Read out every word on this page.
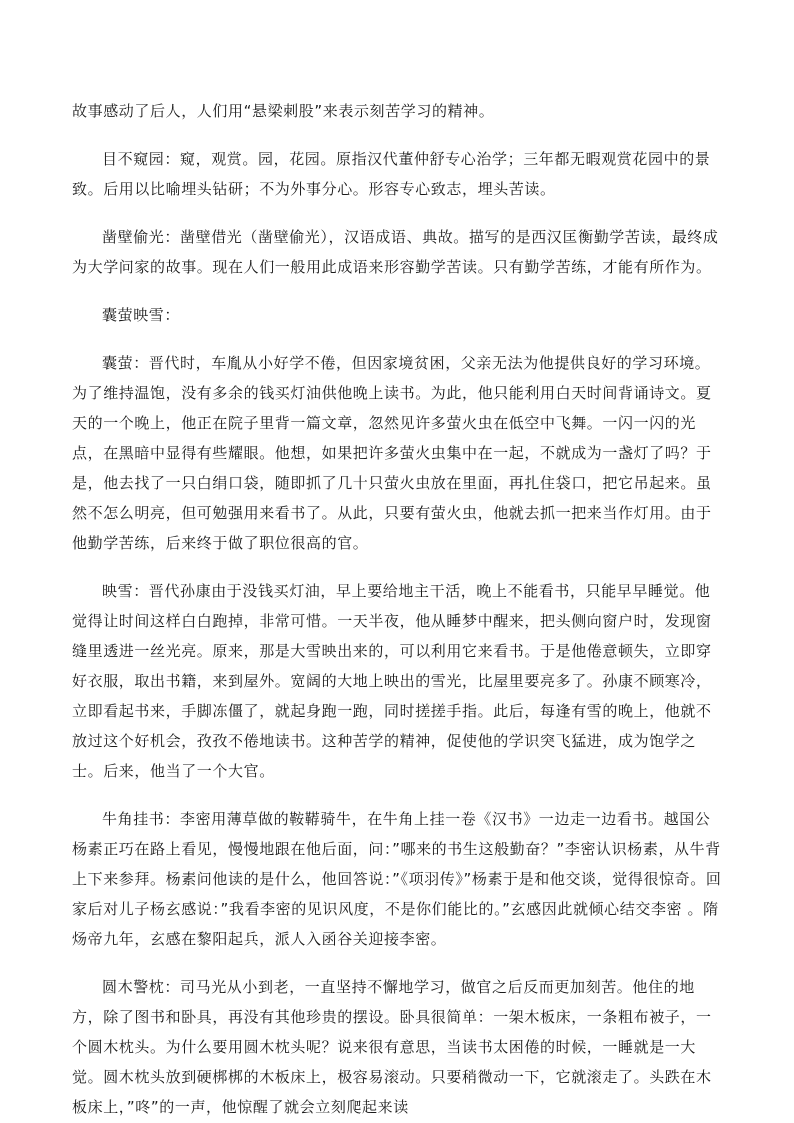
故事感动了后人，人们用“悬梁刺股”来表示刻苦学习的精神。

目不窥园：窥，观赏。园，花园。原指汉代董仲舒专心治学；三年都无暇观赏花园中的景致。后用以比喻埋头钻研；不为外事分心。形容专心致志，埋头苦读。

凿壁偷光：凿壁借光（凿壁偷光），汉语成语、典故。描写的是西汉匡衡勤学苦读，最终成为大学问家的故事。现在人们一般用此成语来形容勤学苦读。只有勤学苦练，才能有所作为。

囊萤映雪：

囊萤：晋代时，车胤从小好学不倦，但因家境贫困，父亲无法为他提供良好的学习环境。为了维持温饱，没有多余的钱买灯油供他晚上读书。为此，他只能利用白天时间背诵诗文。夏天的一个晚上，他正在院子里背一篇文章，忽然见许多萤火虫在低空中飞舞。一闪一闪的光点，在黑暗中显得有些耀眼。他想，如果把许多萤火虫集中在一起，不就成为一盏灯了吗？于是，他去找了一只白绢口袋，随即抓了几十只萤火虫放在里面，再扎住袋口，把它吊起来。虽然不怎么明亮，但可勉强用来看书了。从此，只要有萤火虫，他就去抓一把来当作灯用。由于他勤学苦练，后来终于做了职位很高的官。

映雪：晋代孙康由于没钱买灯油，早上要给地主干活，晚上不能看书，只能早早睡觉。他觉得让时间这样白白跑掉，非常可惜。一天半夜，他从睡梦中醒来，把头侧向窗户时，发现窗缝里透进一丝光亮。原来，那是大雪映出来的，可以利用它来看书。于是他倦意顿失，立即穿好衣服，取出书籍，来到屋外。宽阔的大地上映出的雪光，比屋里要亮多了。孙康不顾寒冷，立即看起书来，手脚冻僵了，就起身跑一跑，同时搓搓手指。此后，每逢有雪的晚上，他就不放过这个好机会，孜孜不倦地读书。这种苦学的精神，促使他的学识突飞猛进，成为饱学之士。后来，他当了一个大官。

牛角挂书：李密用薄草做的鞍鞯骑牛，在牛角上挂一卷《汉书》一边走一边看书。越国公杨素正巧在路上看见，慢慢地跟在他后面，问：”哪来的书生这般勤奋？”李密认识杨素，从牛背上下来参拜。杨素问他读的是什么，他回答说：”《项羽传》”杨素于是和他交谈，觉得很惊奇。回家后对儿子杨玄感说：”我看李密的见识风度，不是你们能比的。”玄感因此就倾心结交李密 。隋炀帝九年，玄感在黎阳起兵，派人入函谷关迎接李密。

圆木警枕：司马光从小到老，一直坚持不懈地学习，做官之后反而更加刻苦。他住的地方，除了图书和卧具，再没有其他珍贵的摆设。卧具很简单：一架木板床，一条粗布被子，一个圆木枕头。为什么要用圆木枕头呢？说来很有意思，当读书太困倦的时候，一睡就是一大觉。圆木枕头放到硬梆梆的木板床上，极容易滚动。只要稍微动一下，它就滚走了。头跌在木板床上，”咚”的一声，他惊醒了就会立刻爬起来读
